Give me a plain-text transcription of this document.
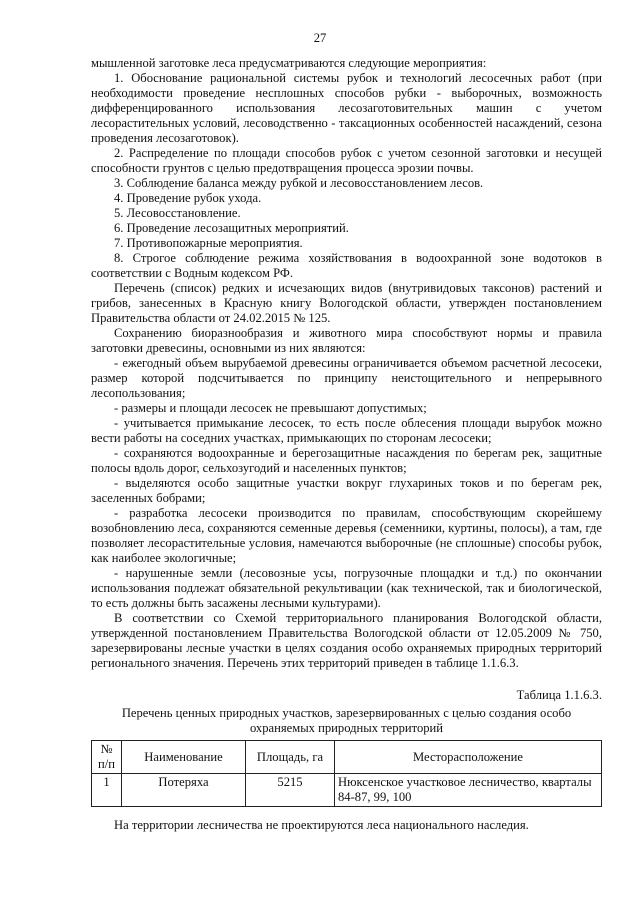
27

мышленной заготовке леса предусматриваются следующие мероприятия:

1. Обоснование рациональной системы рубок и технологий лесосечных работ (при необходимости проведение несплошных способов рубки - выборочных, возможность дифференцированного использования лесозаготовительных машин с учетом лесорастительных условий, лесоводственно - таксационных особенностей насаждений, сезона проведения лесозаготовок).

2. Распределение по площади способов рубок с учетом сезонной заготовки и несущей способности грунтов с целью предотвращения процесса эрозии почвы.

3. Соблюдение баланса между рубкой и лесовосстановлением лесов.

4. Проведение рубок ухода.

5. Лесовосстановление.

6. Проведение лесозащитных мероприятий.

7. Противопожарные мероприятия.

8. Строгое соблюдение режима хозяйствования в водоохранной зоне водотоков в соответствии с Водным кодексом РФ.

Перечень (список) редких и исчезающих видов (внутривидовых таксонов) растений и грибов, занесенных в Красную книгу Вологодской области, утвержден постановлением Правительства области от 24.02.2015 № 125.

Сохранению биоразнообразия и животного мира способствуют нормы и правила заготовки древесины, основными из них являются:

- ежегодный объем вырубаемой древесины ограничивается объемом расчетной лесосеки, размер которой подсчитывается по принципу неистощительного и непрерывного лесопользования;

- размеры и площади лесосек не превышают допустимых;

- учитывается примыкание лесосек, то есть после облесения площади вырубок можно вести работы на соседних участках, примыкающих по сторонам лесосеки;

- сохраняются водоохранные и берегозащитные насаждения по берегам рек, защитные полосы вдоль дорог, сельхозугодий и населенных пунктов;

- выделяются особо защитные участки вокруг глухариных токов и по берегам рек, заселенных бобрами;

- разработка лесосеки производится по правилам, способствующим скорейшему возобновлению леса, сохраняются семенные деревья (семенники, куртины, полосы), а там, где позволяет лесорастительные условия, намечаются выборочные (не сплошные) способы рубок, как наиболее экологичные;

- нарушенные земли (лесовозные усы, погрузочные площадки и т.д.) по окончании использования подлежат обязательной рекультивации (как технической, так и биологической, то есть должны быть засажены лесными культурами).

В соответствии со Схемой территориального планирования Вологодской области, утвержденной постановлением Правительства Вологодской области от 12.05.2009 № 750, зарезервированы лесные участки в целях создания особо охраняемых природных территорий регионального значения. Перечень этих территорий приведен в таблице 1.1.6.3.

Таблица 1.1.6.3.
Перечень ценных природных участков, зарезервированных с целью создания особо охраняемых природных территорий
№ п/п	Наименование	Площадь, га	Месторасположение
1	Потеряха	5215	Нюксенское участковое лесничество, кварталы 84-87, 99, 100
На территории лесничества не проектируются леса национального наследия.
